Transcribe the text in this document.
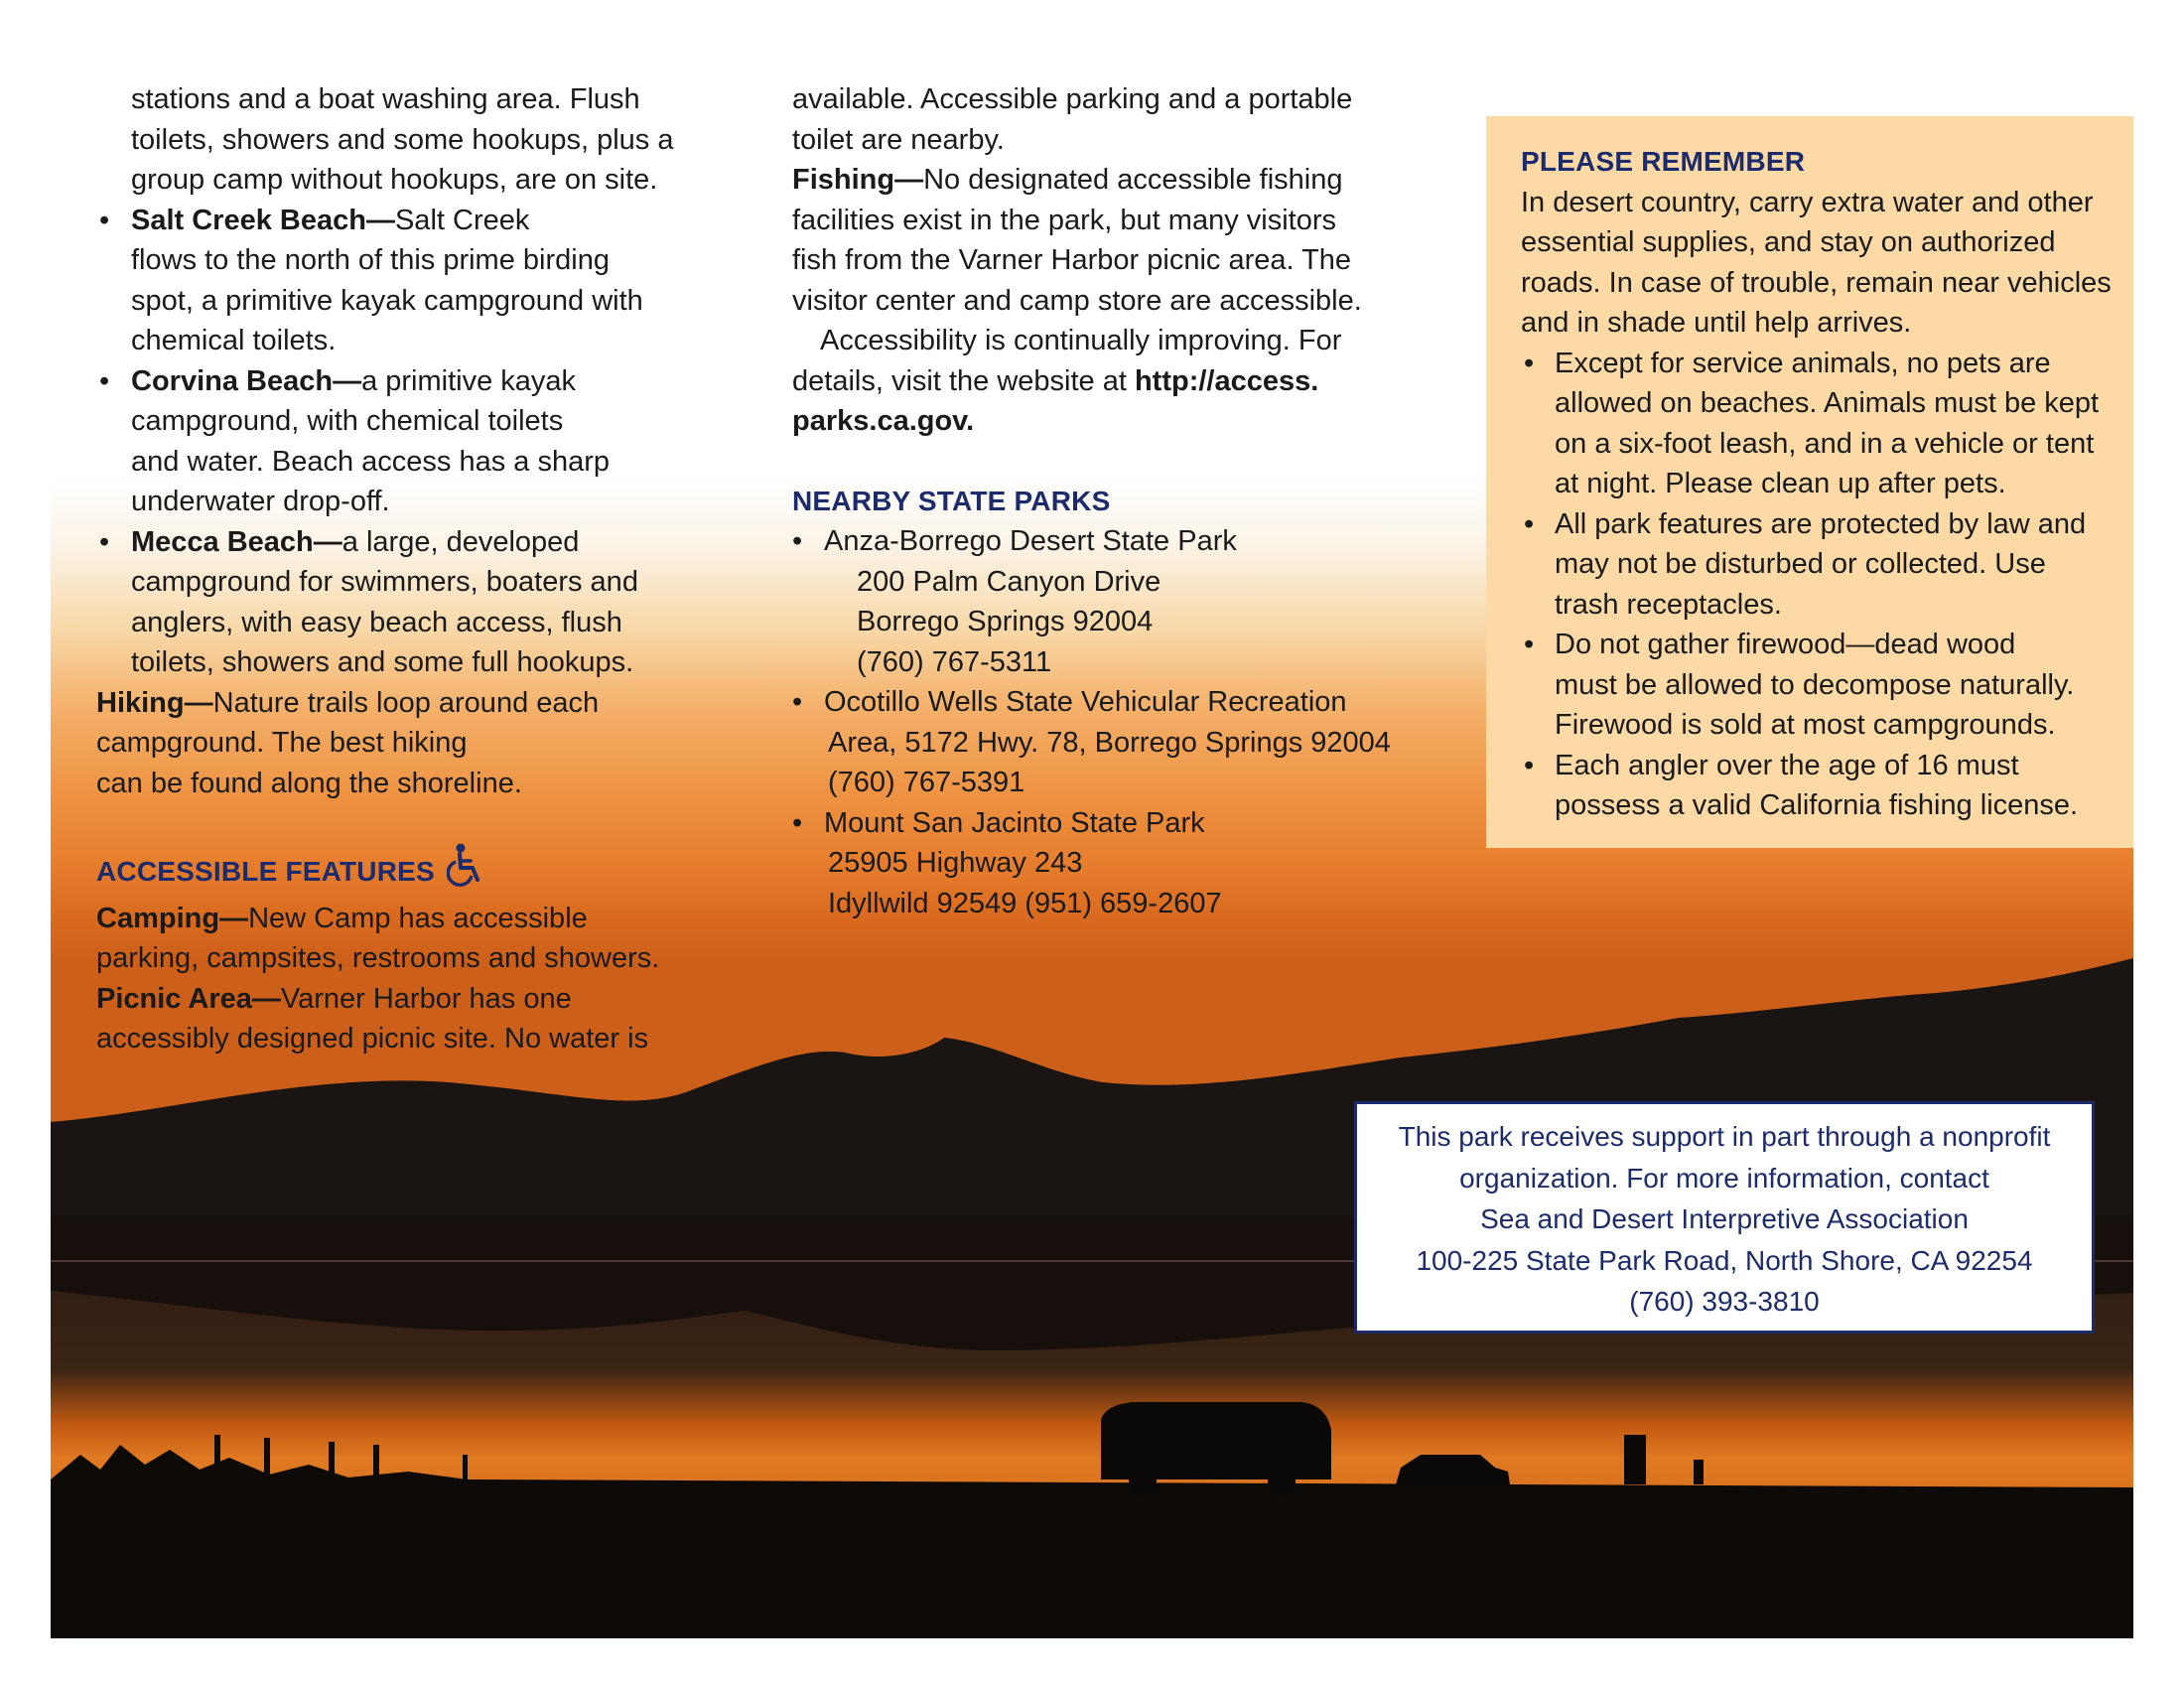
stations and a boat washing area. Flush
toilets, showers and some hookups, plus a
group camp without hookups, are on site.
• Salt Creek Beach—Salt Creek
flows to the north of this prime birding
spot, a primitive kayak campground with
chemical toilets.
• Corvina Beach—a primitive kayak
campground, with chemical toilets
and water. Beach access has a sharp
underwater drop-off.
• Mecca Beach—a large, developed
campground for swimmers, boaters and
anglers, with easy beach access, flush
toilets, showers and some full hookups.
Hiking—Nature trails loop around each
campground. The best hiking
can be found along the shoreline.
ACCESSIBLE FEATURES
Camping—New Camp has accessible
parking, campsites, restrooms and showers.
Picnic Area—Varner Harbor has one
accessibly designed picnic site. No water is
available. Accessible parking and a portable
toilet are nearby.
Fishing—No designated accessible fishing
facilities exist in the park, but many visitors
fish from the Varner Harbor picnic area. The
visitor center and camp store are accessible.
Accessibility is continually improving. For
details, visit the website at http://access.
parks.ca.gov.
NEARBY STATE PARKS
• Anza-Borrego Desert State Park
200 Palm Canyon Drive
Borrego Springs 92004
(760) 767-5311
• Ocotillo Wells State Vehicular Recreation
Area, 5172 Hwy. 78, Borrego Springs 92004
(760) 767-5391
• Mount San Jacinto State Park
25905 Highway 243
Idyllwild 92549 (951) 659-2607
PLEASE REMEMBER
In desert country, carry extra water and other
essential supplies, and stay on authorized
roads. In case of trouble, remain near vehicles
and in shade until help arrives.
• Except for service animals, no pets are
allowed on beaches. Animals must be kept
on a six-foot leash, and in a vehicle or tent
at night. Please clean up after pets.
• All park features are protected by law and
may not be disturbed or collected. Use
trash receptacles.
• Do not gather firewood—dead wood
must be allowed to decompose naturally.
Firewood is sold at most campgrounds.
• Each angler over the age of 16 must
possess a valid California fishing license.
This park receives support in part through a nonprofit
organization. For more information, contact
Sea and Desert Interpretive Association
100-225 State Park Road, North Shore, CA 92254
(760) 393-3810
